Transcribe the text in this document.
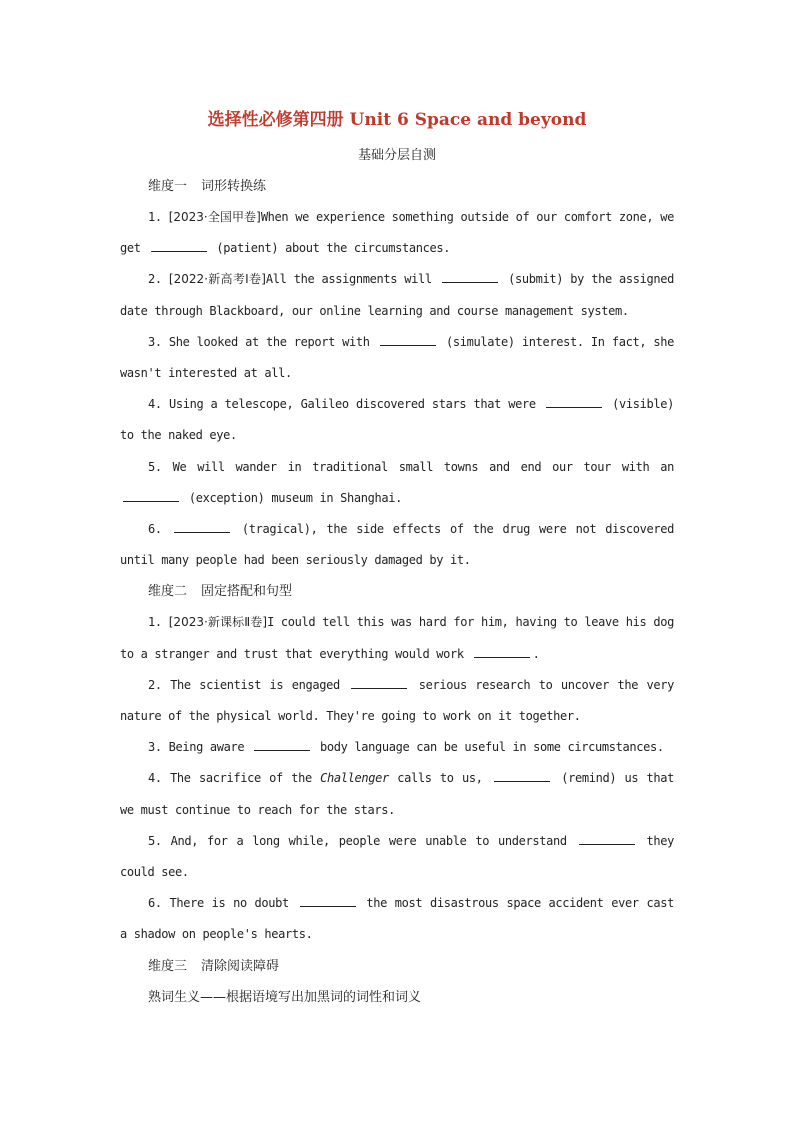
选择性必修第四册 Unit 6 Space and beyond
基础分层自测
维度一 词形转换练

1. [2023·全国甲卷]When we experience something outside of our comfort zone, we get	(patient) about the circumstances.

2. [2022·新高考Ⅰ卷]All the assignments will	(submit) by the assigned date through Blackboard, our online learning and course management system.

3. She looked at the report with	(simulate) interest. In fact, she wasn't interested at all.

4. Using a telescope, Galileo discovered stars that were	(visible) to the naked eye.

5. We will wander in traditional small towns and end our tour with an  (exception) museum in Shanghai.

6.	(tragical), the side effects of the drug were not discovered until many people had been seriously damaged by it.

维度二 固定搭配和句型

1. [2023·新课标Ⅱ卷]I could tell this was hard for him, having to leave his dog to a stranger and trust that everything would work	.

2. The scientist is engaged	serious research to uncover the very nature of the physical world. They're going to work on it together.

3. Being aware	body language can be useful in some circumstances.

4. The sacrifice of the Challenger calls to us,	(remind) us that we must continue to reach for the stars.

5. And, for a long while, people were unable to understand	they could see.

6. There is no doubt	the most disastrous space accident ever cast a shadow on people's hearts.

维度三 清除阅读障碍
熟词生义——根据语境写出加黑词的词性和词义
